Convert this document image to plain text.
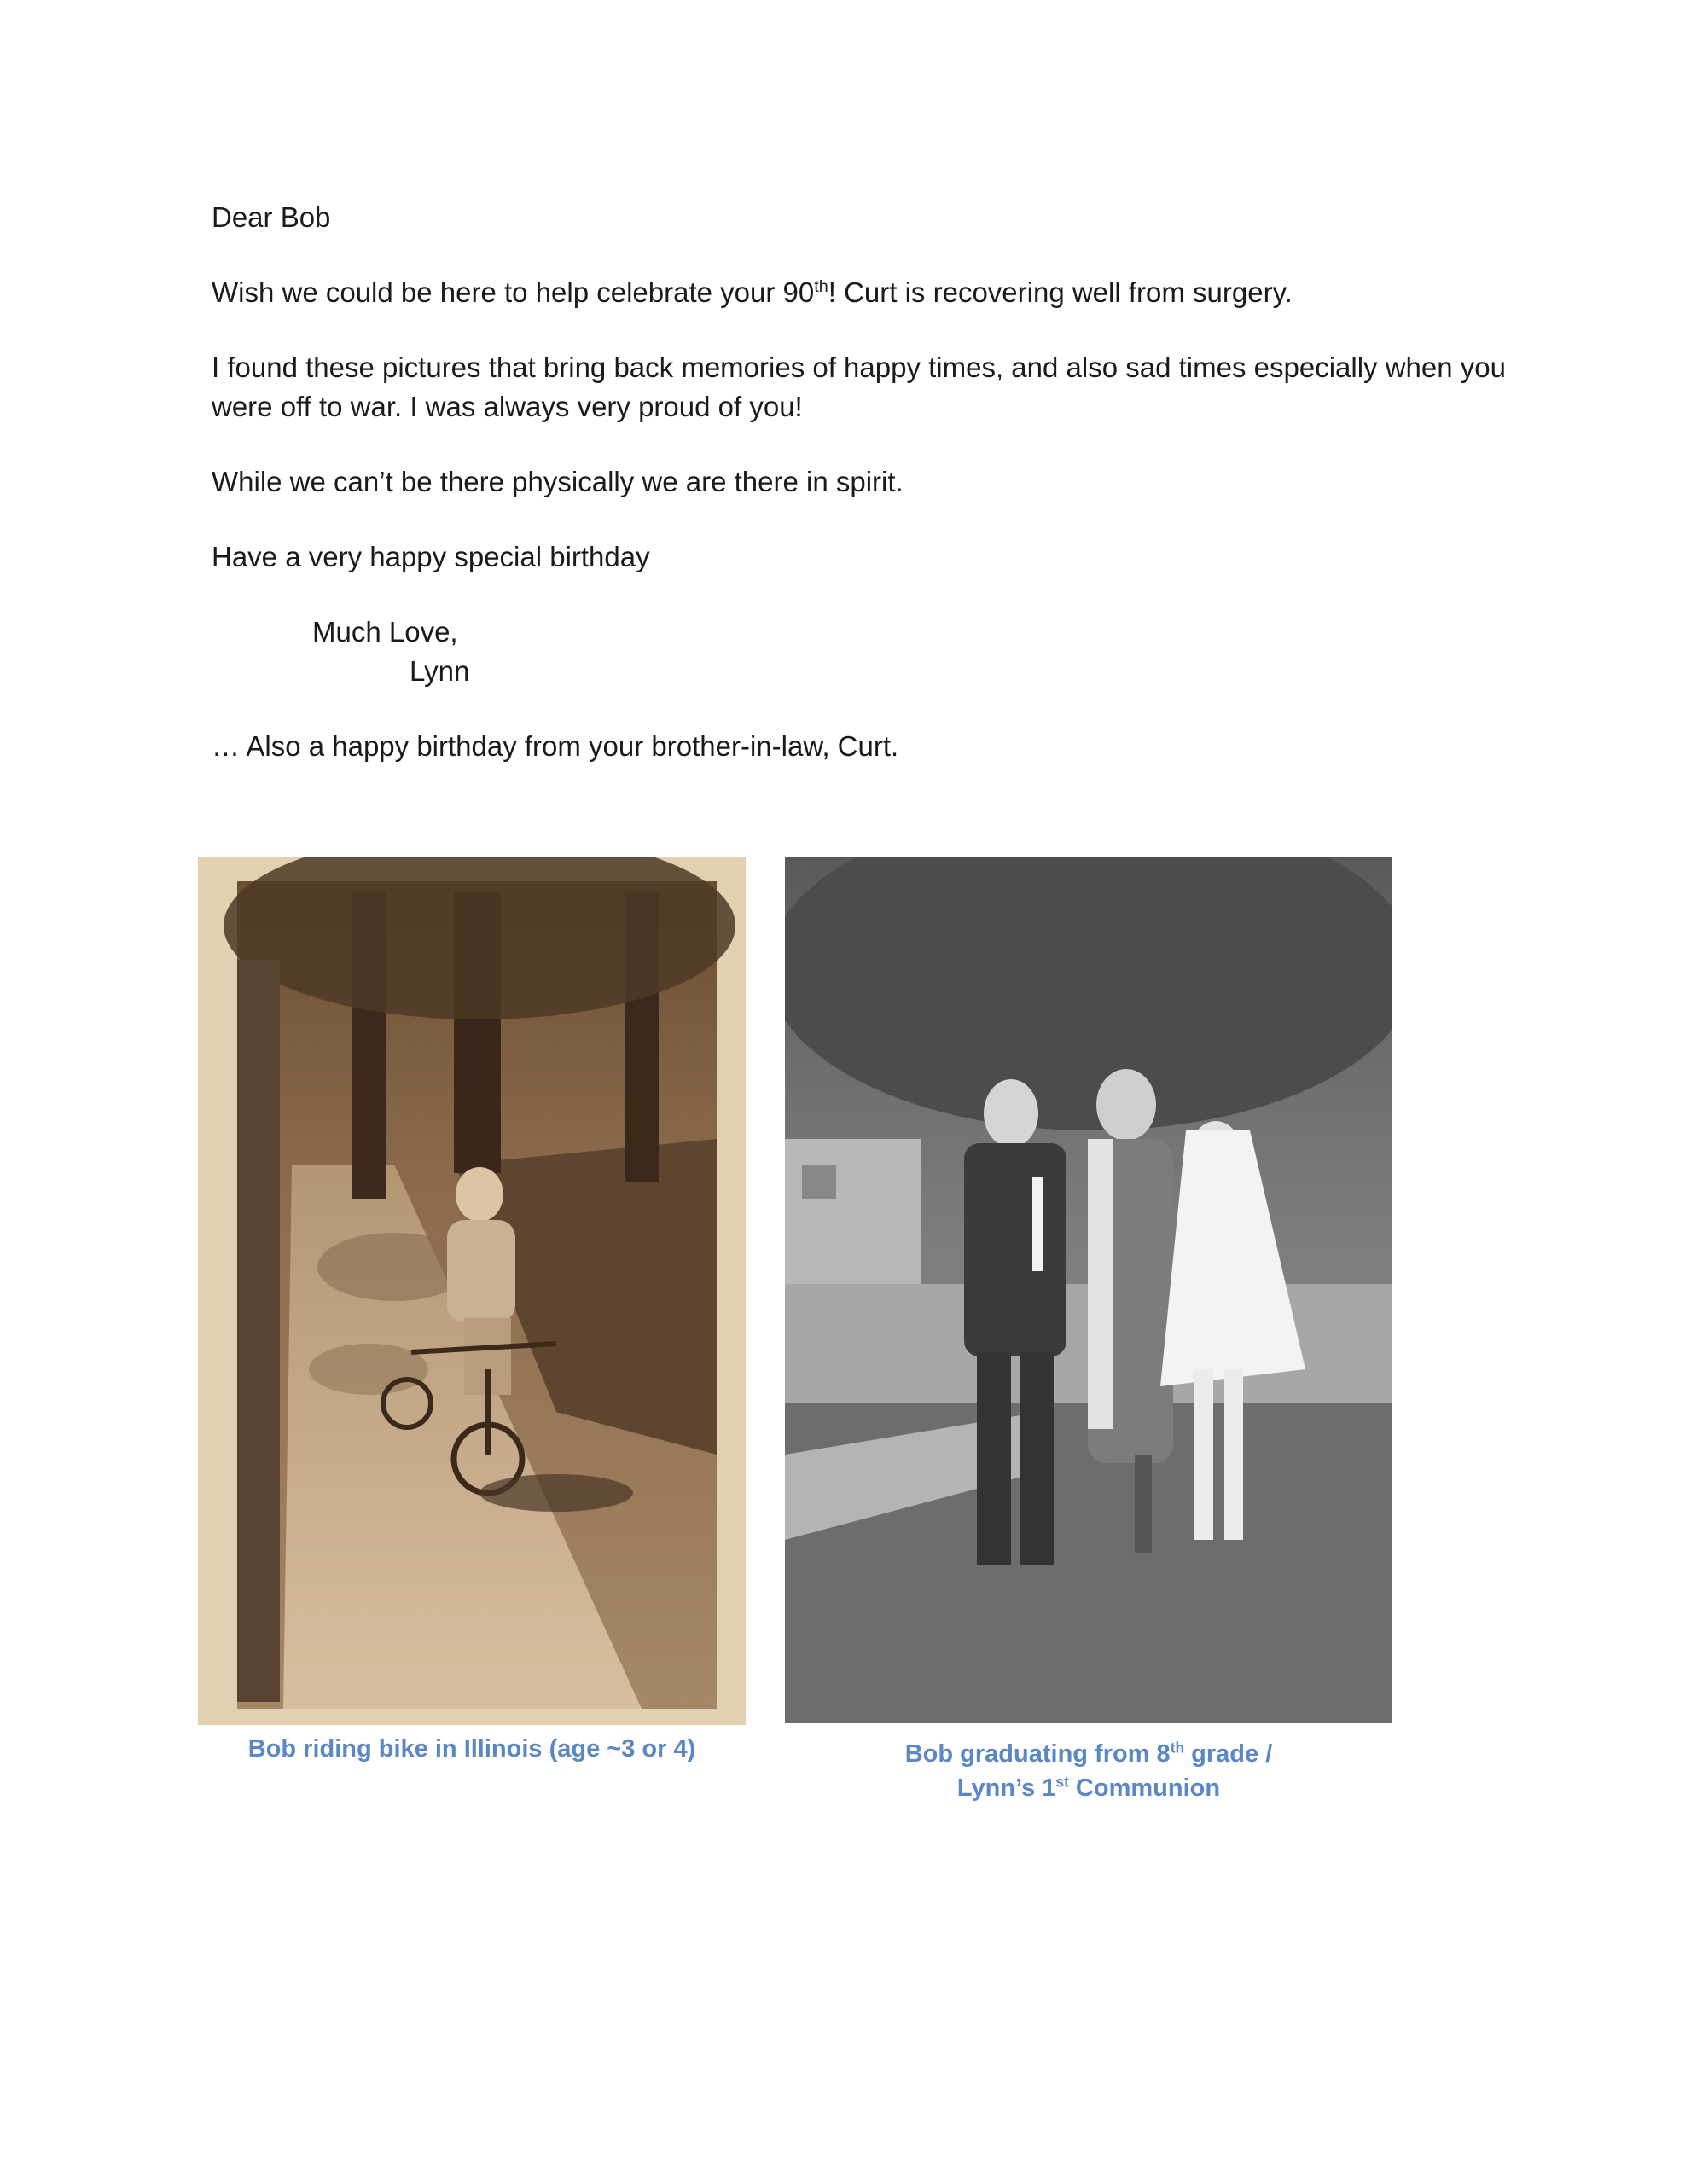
Dear Bob

Wish we could be here to help celebrate your 90th! Curt is recovering well from surgery.

I found these pictures that bring back memories of happy times, and also sad times especially when you were off to war. I was always very proud of you!

While we can’t be there physically we are there in spirit.

Have a very happy special birthday

Much Love,

Lynn

… Also a happy birthday from your brother-in-law, Curt.

Bob riding bike in Illinois (age ~3 or 4)	Bob graduating from 8th grade /
Lynn’s 1st Communion
